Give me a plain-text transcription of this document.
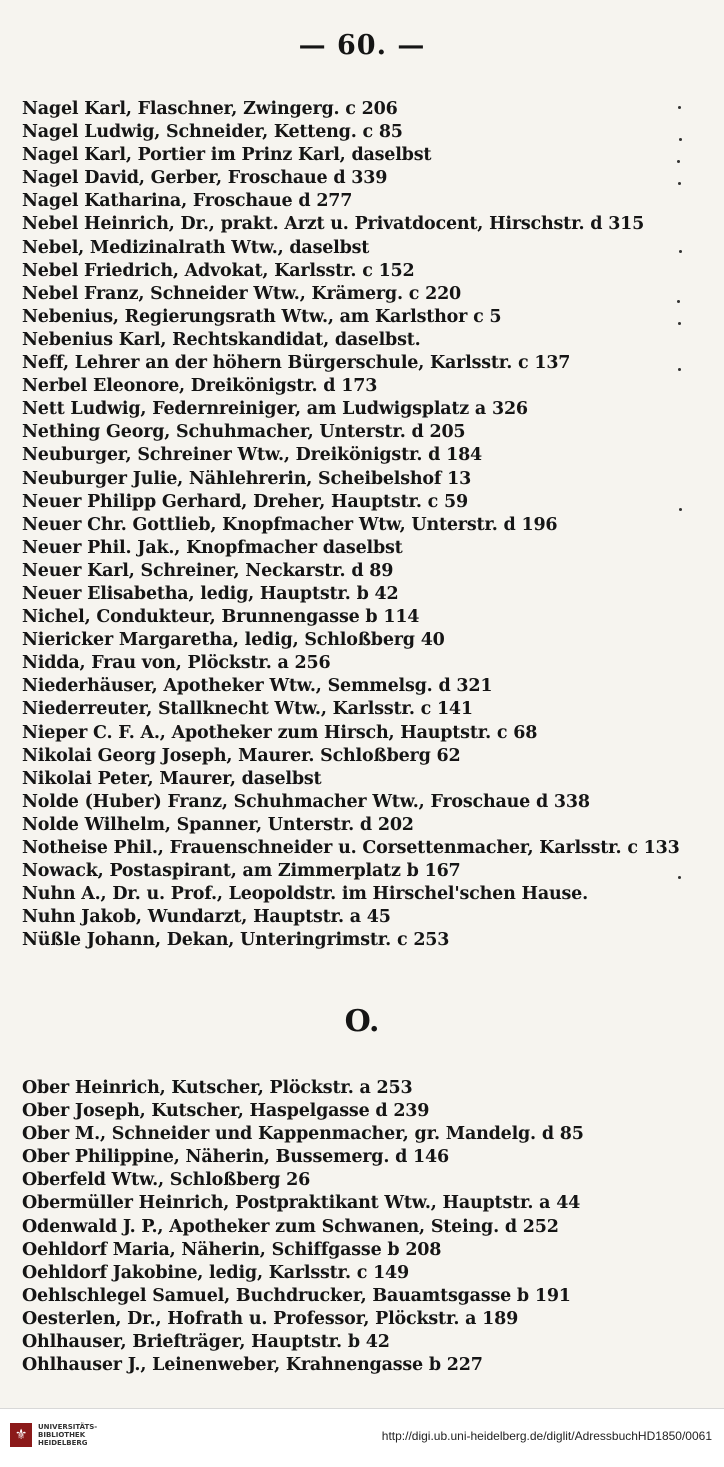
— 60. —
Nagel Karl, Flaschner, Zwingerg. c 206
Nagel Ludwig, Schneider, Ketteng. c 85
Nagel Karl, Portier im Prinz Karl, daselbst
Nagel David, Gerber, Froschaue d 339
Nagel Katharina, Froschaue d 277
Nebel Heinrich, Dr., prakt. Arzt u. Privatdocent, Hirschstr. d 315
Nebel, Medizinalrath Wtw., daselbst
Nebel Friedrich, Advokat, Karlsstr. c 152
Nebel Franz, Schneider Wtw., Krämerg. c 220
Nebenius, Regierungsrath Wtw., am Karlsthor c 5
Nebenius Karl, Rechtskandidat, daselbst.
Neff, Lehrer an der höhern Bürgerschule, Karlsstr. c 137
Nerbel Eleonore, Dreikönigstr. d 173
Nett Ludwig, Federnreiniger, am Ludwigsplatz a 326
Nething Georg, Schuhmacher, Unterstr. d 205
Neuburger, Schreiner Wtw., Dreikönigstr. d 184
Neuburger Julie, Nählehrerin, Scheibelshof 13
Neuer Philipp Gerhard, Dreher, Hauptstr. c 59
Neuer Chr. Gottlieb, Knopfmacher Wtw, Unterstr. d 196
Neuer Phil. Jak., Knopfmacher daselbst
Neuer Karl, Schreiner, Neckarstr. d 89
Neuer Elisabetha, ledig, Hauptstr. b 42
Nichel, Condukteur, Brunnengasse b 114
Niericker Margaretha, ledig, Schloßberg 40
Nidda, Frau von, Plöckstr. a 256
Niederhäuser, Apotheker Wtw., Semmelsg. d 321
Niederreuter, Stallknecht Wtw., Karlsstr. c 141
Nieper C. F. A., Apotheker zum Hirsch, Hauptstr. c 68
Nikolai Georg Joseph, Maurer. Schloßberg 62
Nikolai Peter, Maurer, daselbst
Nolde (Huber) Franz, Schuhmacher Wtw., Froschaue d 338
Nolde Wilhelm, Spanner, Unterstr. d 202
Notheise Phil., Frauenschneider u. Corsettenmacher, Karlsstr. c 133
Nowack, Postaspirant, am Zimmerplatz b 167
Nuhn A., Dr. u. Prof., Leopoldstr. im Hirschel'schen Hause.
Nuhn Jakob, Wundarzt, Hauptstr. a 45
Nüßle Johann, Dekan, Unteringrimstr. c 253
O.
Ober Heinrich, Kutscher, Plöckstr. a 253
Ober Joseph, Kutscher, Haspelgasse d 239
Ober M., Schneider und Kappenmacher, gr. Mandelg. d 85
Ober Philippine, Näherin, Bussemerg. d 146
Oberfeld Wtw., Schloßberg 26
Obermüller Heinrich, Postpraktikant Wtw., Hauptstr. a 44
Odenwald J. P., Apotheker zum Schwanen, Steing. d 252
Oehldorf Maria, Näherin, Schiffgasse b 208
Oehldorf Jakobine, ledig, Karlsstr. c 149
Oehlschlegel Samuel, Buchdrucker, Bauamtsgasse b 191
Oesterlen, Dr., Hofrath u. Professor, Plöckstr. a 189
Ohlhauser, Briefträger, Hauptstr. b 42
Ohlhauser J., Leinenweber, Krahnengasse b 227
⚜	UNIVERSITÄTS-
BIBLIOTHEK
HEIDELBERG	http://digi.ub.uni-heidelberg.de/diglit/AdressbuchHD1850/0061
